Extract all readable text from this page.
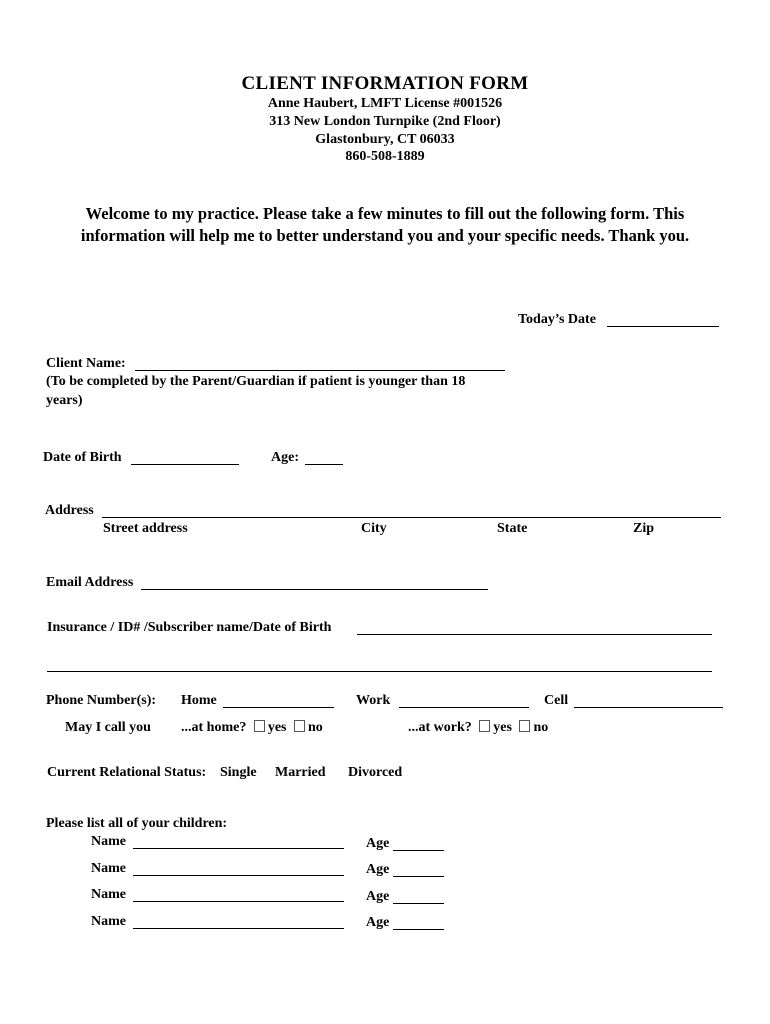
CLIENT INFORMATION FORM
Anne Haubert, LMFT License #001526
313 New London Turnpike (2nd Floor)
Glastonbury, CT 06033
860-508-1889
Welcome to my practice. Please take a few minutes to fill out the following form. This
information will help me to better understand you and your specific needs. Thank you.
Today’s Date
Client Name:
(To be completed by the Parent/Guardian if patient is younger than 18
years)
Date of Birth	Age:
Address
Street address	City	State	Zip
Email Address
Insurance / ID# /Subscriber name/Date of Birth
Phone Number(s): Home	Work	Cell
May I call you ...at home? yes no	...at work? yes no
Current Relational Status: Single Married Divorced
Please list all of your children:
Name	Age
Name	Age
Name	Age
Name	Age
